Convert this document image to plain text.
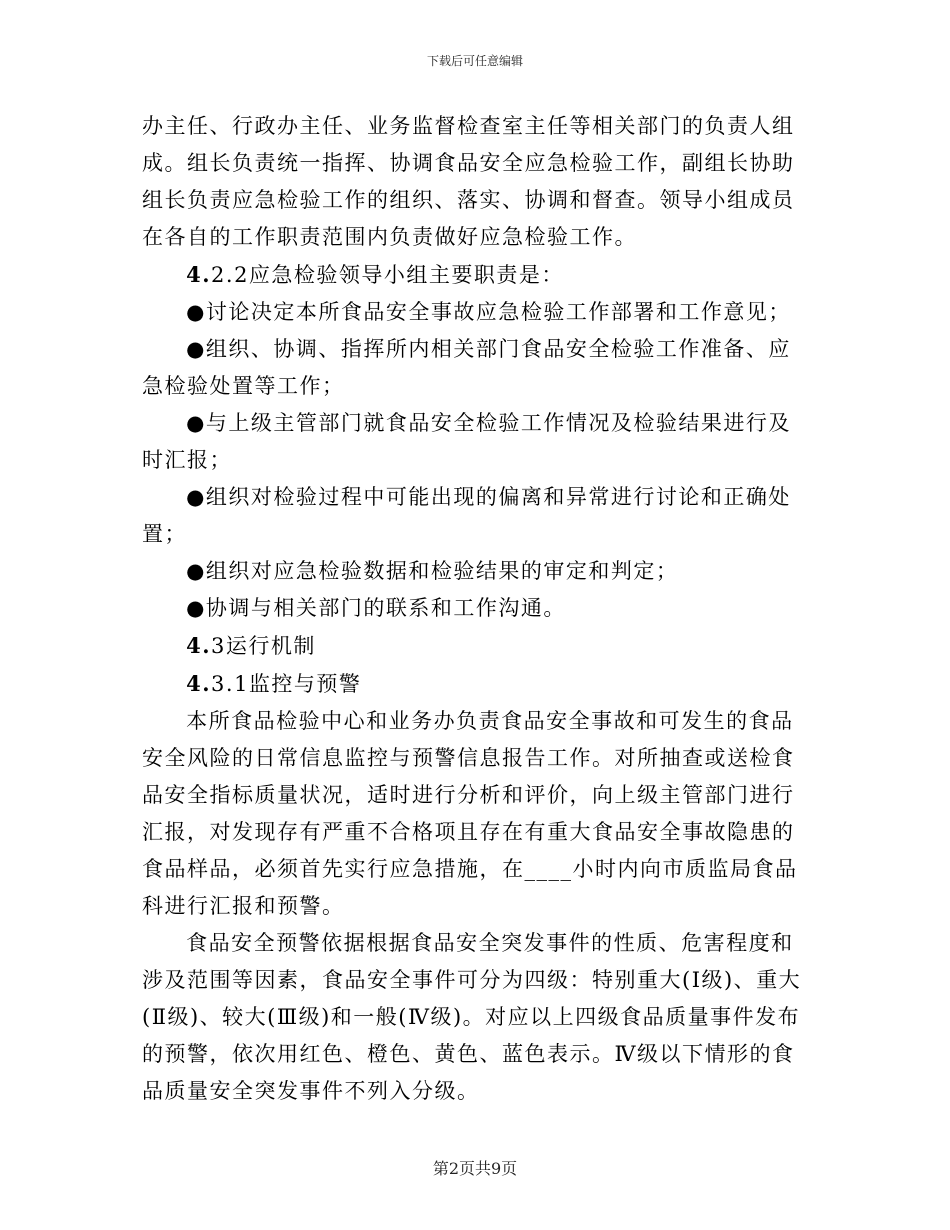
下载后可任意编辑

办主任、行政办主任、业务监督检查室主任等相关部门的负责人组成。组长负责统一指挥、协调食品安全应急检验工作，副组长协助组长负责应急检验工作的组织、落实、协调和督查。领导小组成员在各自的工作职责范围内负责做好应急检验工作。

4.2.2应急检验领导小组主要职责是：

●讨论决定本所食品安全事故应急检验工作部署和工作意见；

●组织、协调、指挥所内相关部门食品安全检验工作准备、应急检验处置等工作；

●与上级主管部门就食品安全检验工作情况及检验结果进行及时汇报；

●组织对检验过程中可能出现的偏离和异常进行讨论和正确处置；

●组织对应急检验数据和检验结果的审定和判定；

●协调与相关部门的联系和工作沟通。

4.3运行机制

4.3.1监控与预警

本所食品检验中心和业务办负责食品安全事故和可发生的食品安全风险的日常信息监控与预警信息报告工作。对所抽查或送检食品安全指标质量状况，适时进行分析和评价，向上级主管部门进行汇报，对发现存有严重不合格项且存在有重大食品安全事故隐患的食品样品，必须首先实行应急措施，在____小时内向市质监局食品科进行汇报和预警。

食品安全预警依据根据食品安全突发事件的性质、危害程度和涉及范围等因素，食品安全事件可分为四级：特别重大(Ⅰ级)、重大(Ⅱ级)、较大(Ⅲ级)和一般(Ⅳ级)。对应以上四级食品质量事件发布的预警，依次用红色、橙色、黄色、蓝色表示。Ⅳ级以下情形的食品质量安全突发事件不列入分级。

第2页共9页
